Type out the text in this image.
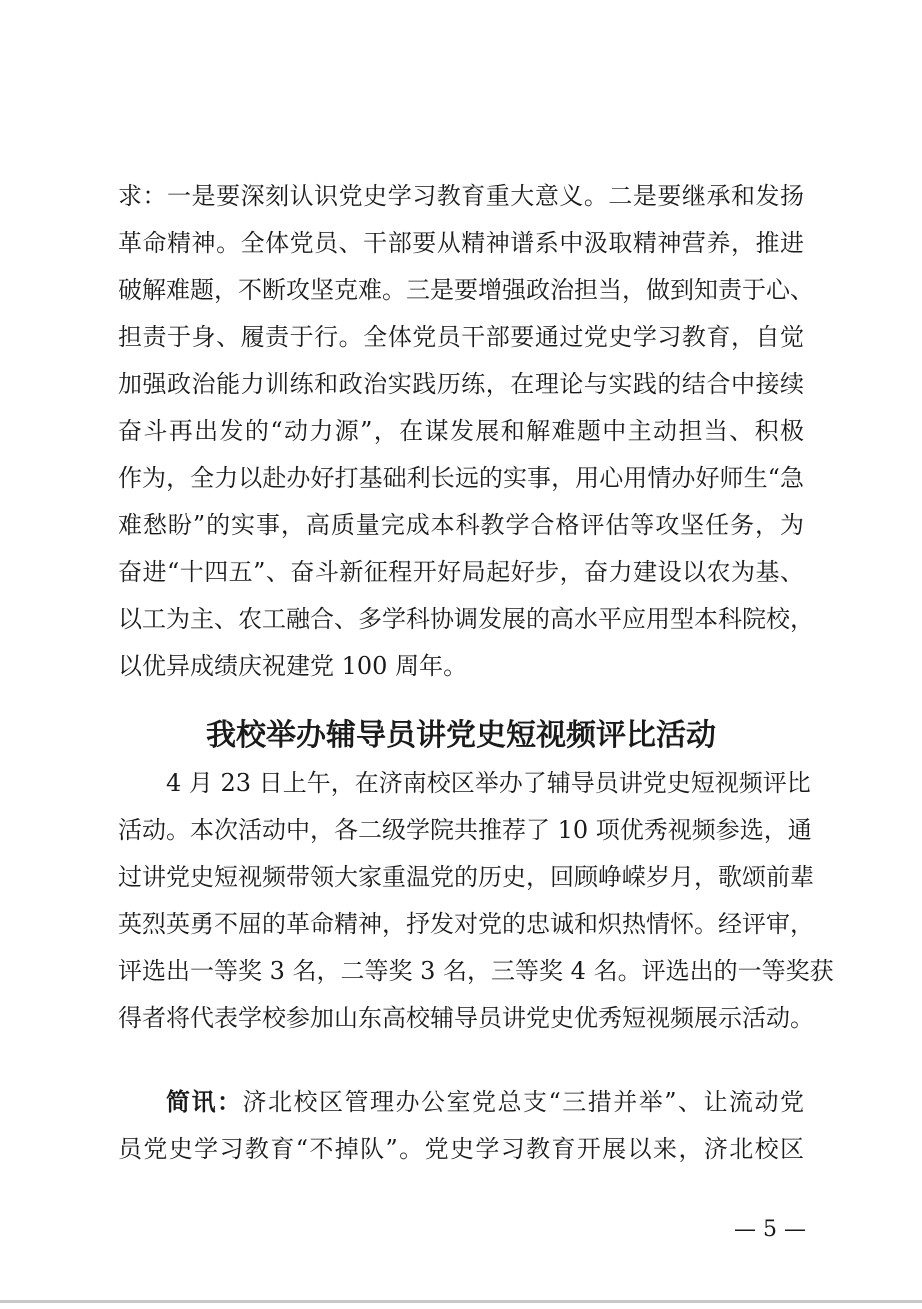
求：一是要深刻认识党史学习教育重大意义。二是要继承和发扬
革命精神。全体党员、干部要从精神谱系中汲取精神营养，推进
破解难题，不断攻坚克难。三是要增强政治担当，做到知责于心、
担责于身、履责于行。全体党员干部要通过党史学习教育，自觉
加强政治能力训练和政治实践历练，在理论与实践的结合中接续
奋斗再出发的“动力源”，在谋发展和解难题中主动担当、积极
作为，全力以赴办好打基础利长远的实事，用心用情办好师生“急
难愁盼”的实事，高质量完成本科教学合格评估等攻坚任务，为
奋进“十四五”、奋斗新征程开好局起好步，奋力建设以农为基、
以工为主、农工融合、多学科协调发展的高水平应用型本科院校，
以优异成绩庆祝建党 100 周年。
我校举办辅导员讲党史短视频评比活动
4 月 23 日上午，在济南校区举办了辅导员讲党史短视频评比
活动。本次活动中，各二级学院共推荐了 10 项优秀视频参选，通
过讲党史短视频带领大家重温党的历史，回顾峥嵘岁月，歌颂前辈
英烈英勇不屈的革命精神，抒发对党的忠诚和炽热情怀。经评审，
评选出一等奖 3 名，二等奖 3 名，三等奖 4 名。评选出的一等奖获
得者将代表学校参加山东高校辅导员讲党史优秀短视频展示活动。
简讯：济北校区管理办公室党总支“三措并举”、让流动党
员党史学习教育“不掉队”。党史学习教育开展以来，济北校区
— 5 —
